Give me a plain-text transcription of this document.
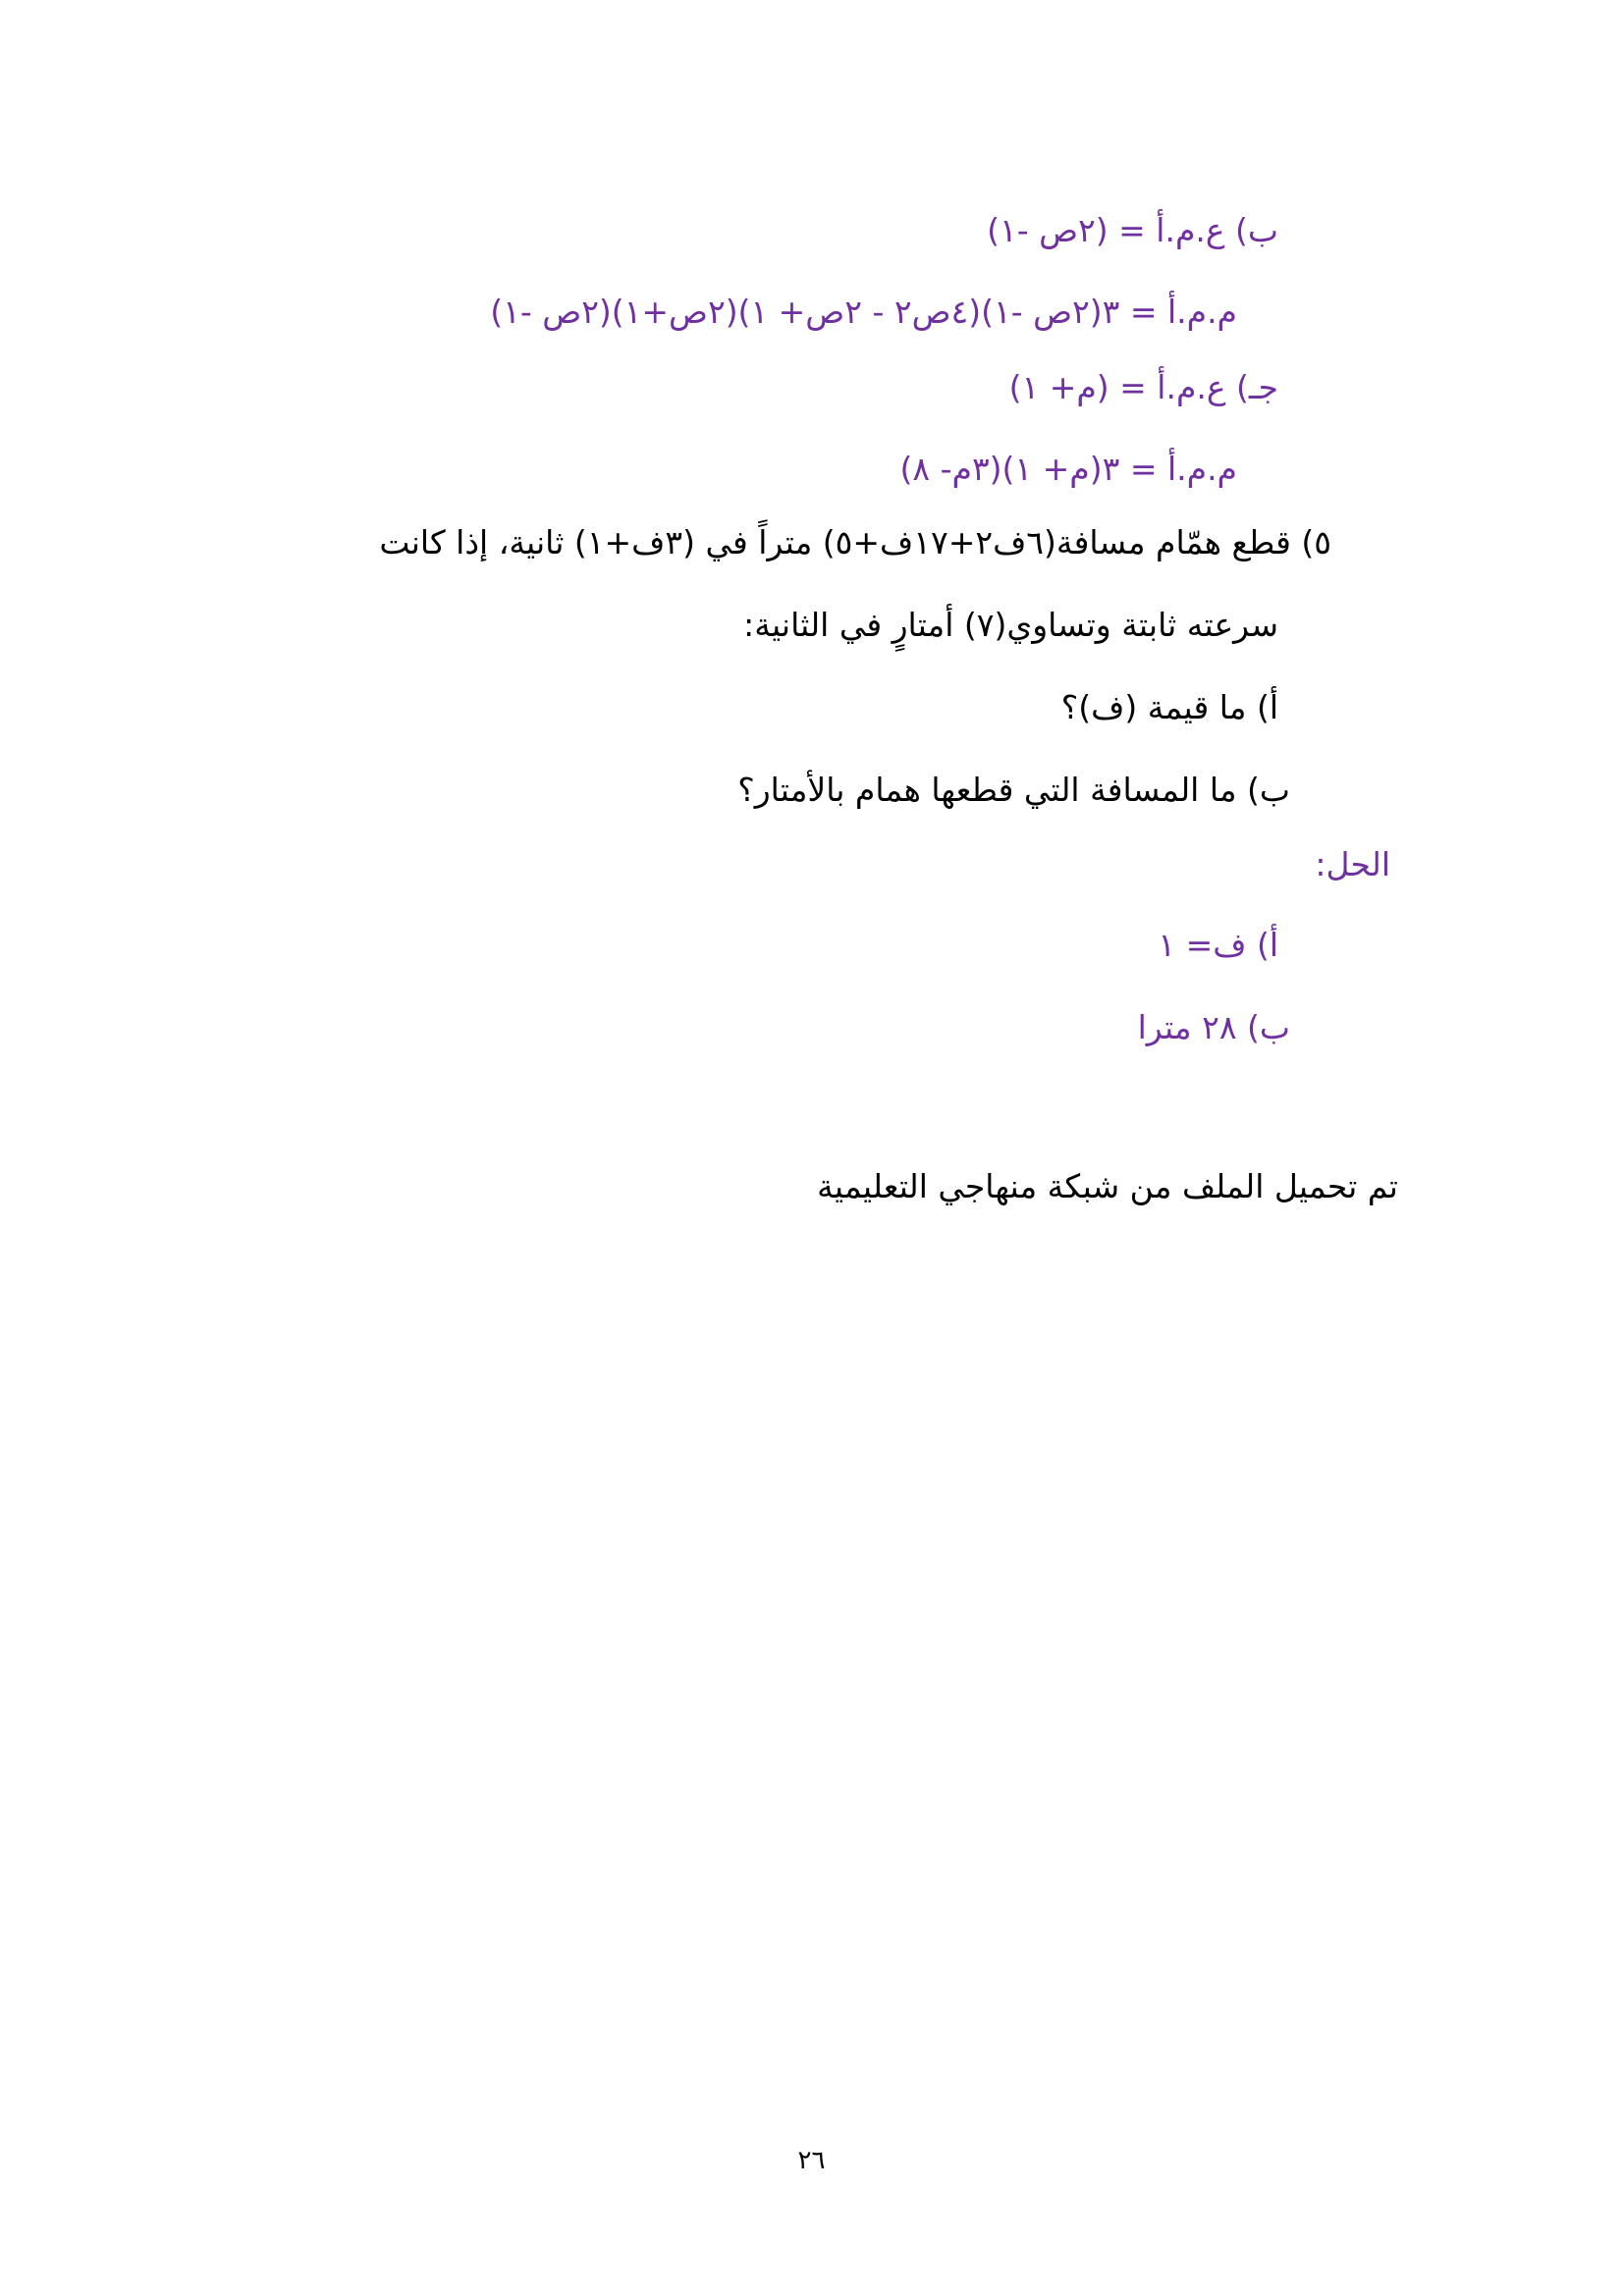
ب) ع.م.أ = (٢ص -١)
م.م.أ = ٣(٢ص -١)(٤ص٢ - ٢ص+ ١)(٢ص+١)(٢ص -١)
جـ) ع.م.أ = (م+ ١)
م.م.أ = ٣(م+ ١)(٣م- ٨)
٥) قطع همّام مسافة(٦ف٢+١٧ف+٥) متراً في (٣ف+١) ثانية، إذا كانت
سرعته ثابتة وتساوي(٧) أمتارٍ في الثانية:
أ) ما قيمة (ف)؟
ب) ما المسافة التي قطعها همام بالأمتار؟
الحل:
أ) ف= ١
ب) ٢٨ مترا
تم تحميل الملف من شبكة منهاجي التعليمية
٢٦
